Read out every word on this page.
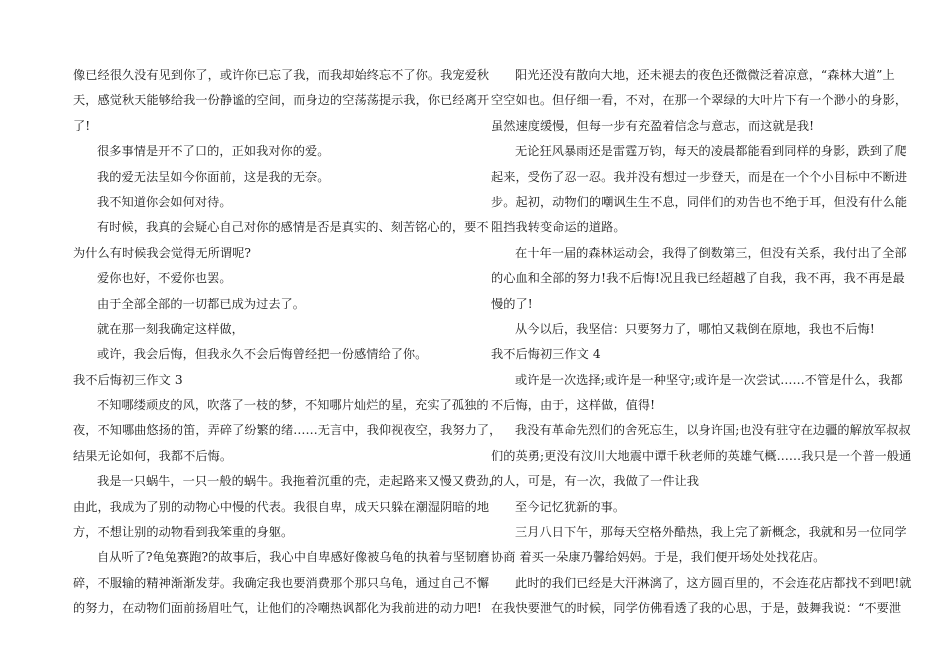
像已经很久没有见到你了，或许你已忘了我，而我却始终忘不了你。我宠爱秋
天，感觉秋天能够给我一份静谧的空间，而身边的空荡荡提示我，你已经离开
了!
很多事情是开不了口的，正如我对你的爱。
我的爱无法呈如今你面前，这是我的无奈。
我不知道你会如何对待。
有时候，我真的会疑心自己对你的感情是否是真实的、刻苦铭心的，要不
为什么有时候我会觉得无所谓呢?
爱你也好，不爱你也罢。
由于全部全部的一切都已成为过去了。
就在那一刻我确定这样做，
或许，我会后悔，但我永久不会后悔曾经把一份感情给了你。
我不后悔初三作文 3
不知哪缕顽皮的风，吹落了一枝的梦，不知哪片灿烂的星，充实了孤独的
夜，不知哪曲悠扬的笛，弄碎了纷繁的绪……无言中，我仰视夜空，我努力了，
结果无论如何，我都不后悔。
我是一只蜗牛，一只一般的蜗牛。我拖着沉重的壳，走起路来又慢又费劲，
由此，我成为了别的动物心中慢的代表。我很自卑，成天只躲在潮湿阴暗的地
方，不想让别的动物看到我笨重的身躯。
自从听了?龟兔赛跑?的故事后，我心中自卑感好像被乌龟的执着与坚韧磨
碎，不服输的精神渐渐发芽。我确定我也要消费那个那只乌龟，通过自己不懈
的努力，在动物们面前扬眉吐气，让他们的冷嘲热讽都化为我前进的动力吧!
阳光还没有散向大地，还未褪去的夜色还微微泛着凉意，“森林大道”上
空空如也。但仔细一看，不对，在那一个翠绿的大叶片下有一个渺小的身影，
虽然速度缓慢，但每一步有充盈着信念与意志，而这就是我!
无论狂风暴雨还是雷霆万钧，每天的凌晨都能看到同样的身影，跌到了爬
起来，受伤了忍一忍。我并没有想过一步登天，而是在一个个小目标中不断进
步。起初，动物们的嘲讽生生不息，同伴们的劝告也不绝于耳，但没有什么能
阻挡我转变命运的道路。
在十年一届的森林运动会，我得了倒数第三，但没有关系，我付出了全部
的心血和全部的努力!我不后悔!况且我已经超越了自我，我不再，我不再是最
慢的了!
从今以后，我坚信：只要努力了，哪怕又栽倒在原地，我也不后悔!
我不后悔初三作文 4
或许是一次选择;或许是一种坚守;或许是一次尝试……不管是什么，我都
不后悔，由于，这样做，值得!
我没有革命先烈们的舍死忘生，以身许国;也没有驻守在边疆的解放军叔叔
们的英勇;更没有汶川大地震中谭千秋老师的英雄气概……我只是一个普一般通
的人，可是，有一次，我做了一件让我
至今记忆犹新的事。
三月八日下午，那每天空格外酷热，我上完了新概念，我就和另一位同学
协商 着买一朵康乃馨给妈妈。于是，我们便开场处处找花店。
此时的我们已经是大汗淋漓了，这方圆百里的，不会连花店都找不到吧!就
在我快要泄气的时候，同学仿佛看透了我的心思，于是，鼓舞我说：“不要泄
